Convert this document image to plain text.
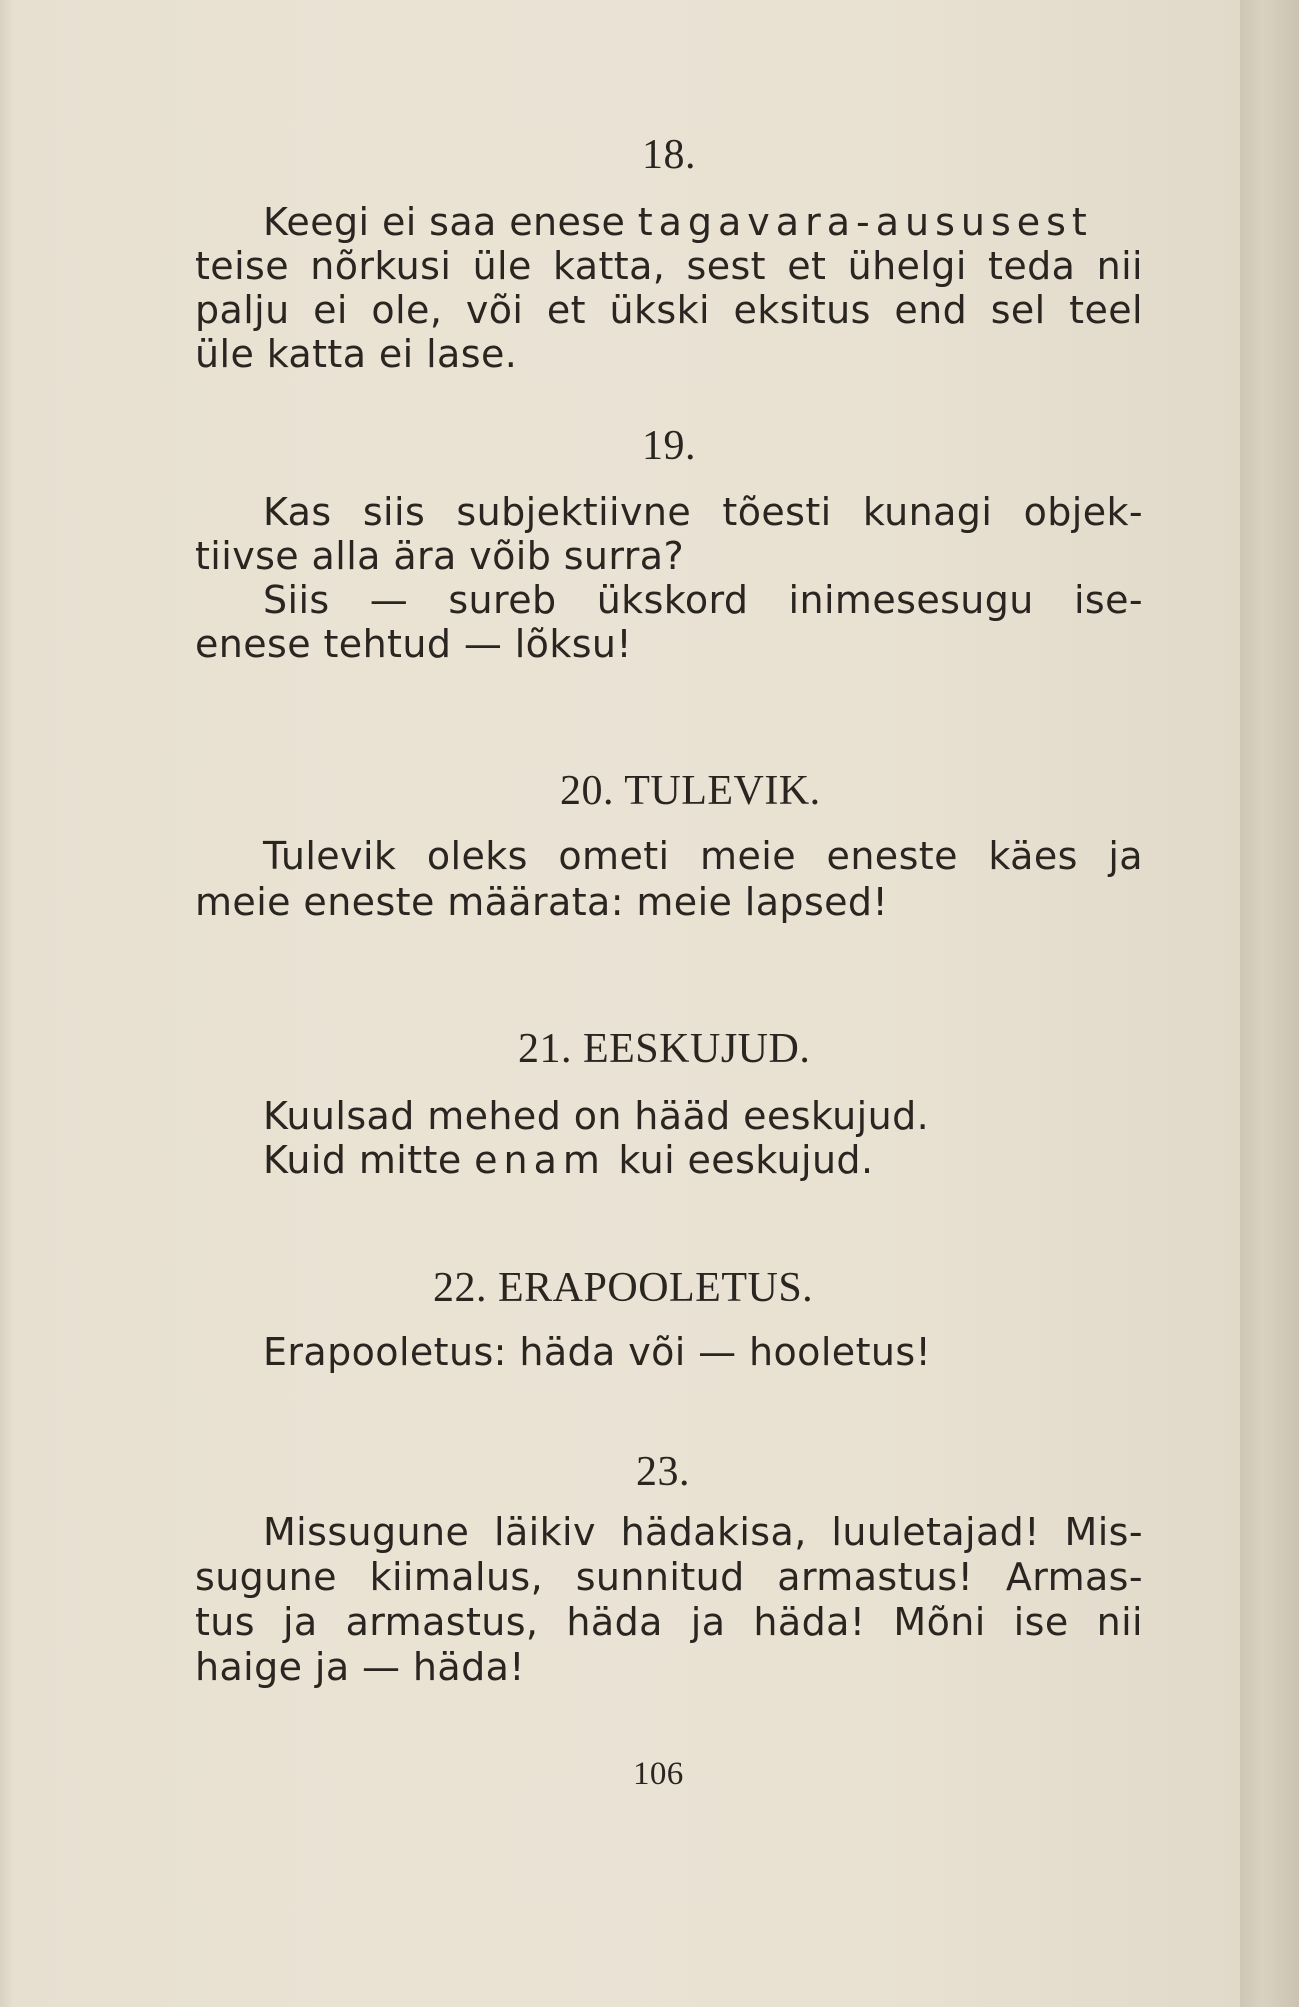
18.

Keegi ei saa enese tagavara-aususest

teise nõrkusi üle katta, sest et ühelgi teda nii

palju ei ole, või et ükski eksitus end sel teel

üle katta ei lase.

19.

Kas siis subjektiivne tõesti kunagi objek-

tiivse alla ära võib surra?

Siis — sureb ükskord inimesesugu ise-

enese tehtud — lõksu!

20. TULEVIK.

Tulevik oleks ometi meie eneste käes ja

meie eneste määrata: meie lapsed!

21. EESKUJUD.

Kuulsad mehed on hääd eeskujud.

Kuid mitte enam kui eeskujud.

22. ERAPOOLETUS.

Erapooletus: häda või — hooletus!

23.

Missugune läikiv hädakisa, luuletajad! Mis-

sugune kiimalus, sunnitud armastus! Armas-

tus ja armastus, häda ja häda! Mõni ise nii

haige ja — häda!

106
